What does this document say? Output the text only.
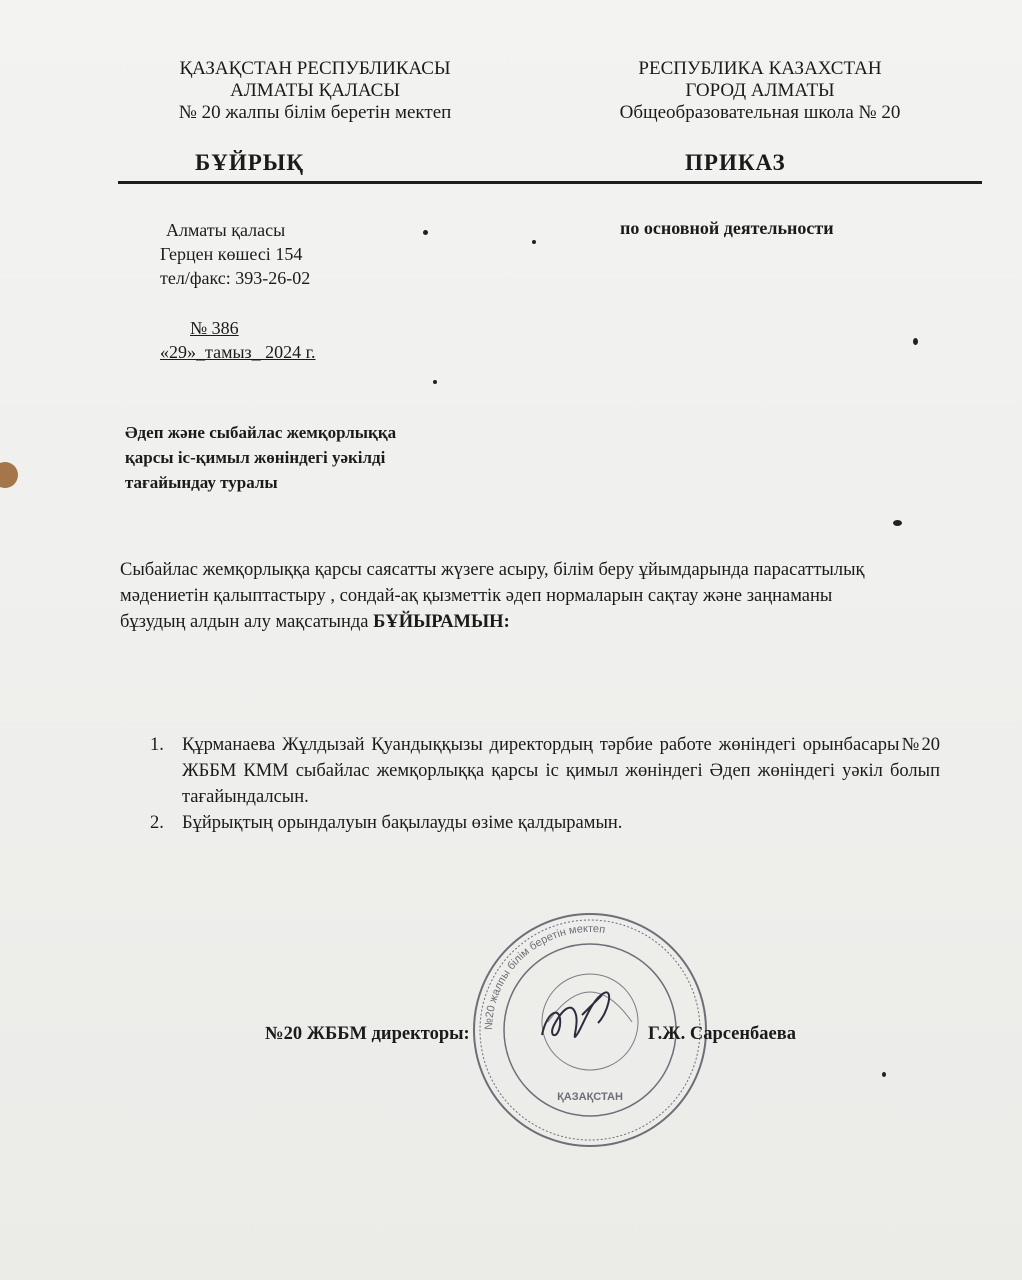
ҚАЗАҚСТАН РЕСПУБЛИКАСЫ
АЛМАТЫ ҚАЛАСЫ
№ 20 жалпы білім беретін мектеп
РЕСПУБЛИКА КАЗАХСТАН
ГОРОД АЛМАТЫ
Общеобразовательная школа № 20
БҰЙРЫҚ	ПРИКАЗ
Алматы қаласы
Герцен көшесі 154
тел/факс: 393-26-02
по основной деятельности
№ 386
«29»_тамыз_ 2024 г.
Әдеп және сыбайлас жемқорлыққа
қарсы іс-қимыл жөніндегі уәкілді
тағайындау туралы
Сыбайлас жемқорлыққа қарсы саясатты жүзеге асыру, білім беру ұйымдарында парасаттылық
мәдениетін қалыптастыру , сондай-ақ қызметтік әдеп нормаларын сақтау және заңнаманы
бұзудың алдын алу мақсатында БҰЙЫРАМЫН:
1. Құрманаева Жұлдызай Қуандыққызы директордың тәрбие работе жөніндегі орынбасары№20 ЖББМ КММ сыбайлас жемқорлыққа қарсы іс қимыл жөніндегі Әдеп жөніндегі уәкіл болып тағайындалсын.
2. Бұйрықтың орындалуын бақылауды өзіме қалдырамын.
№20 жалпы білім беретін мектеп
ҚАЗАҚСТАН
№20 ЖББМ директоры:	Г.Ж. Сарсенбаева
